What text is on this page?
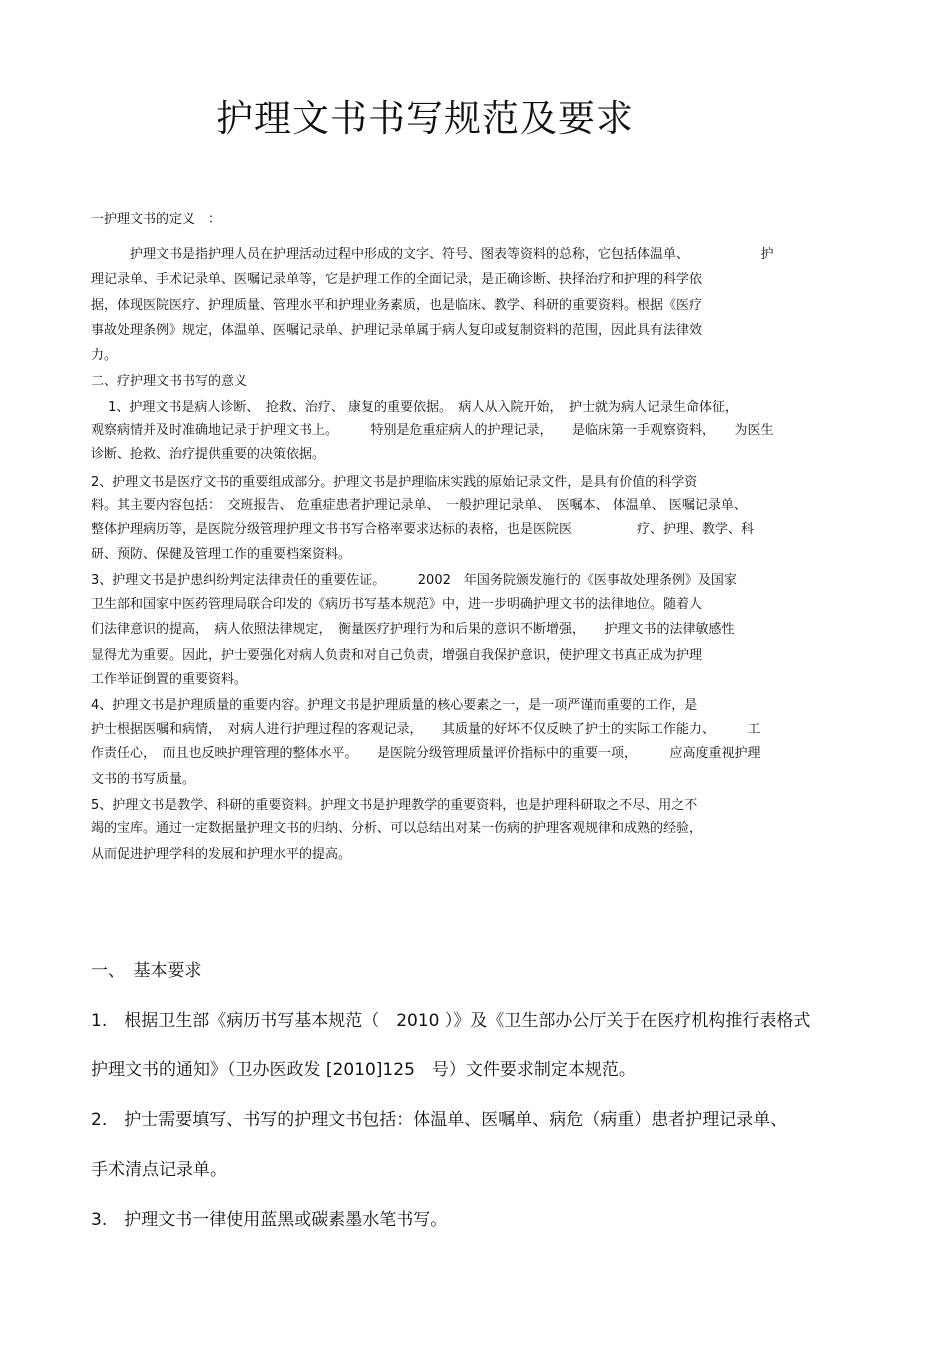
护理文书书写规范及要求
一护理文书的定义　：
　　　护理文书是指护理人员在护理活动过程中形成的文字、符号、图表等资料的总称，它包括体温单、　　　　　　护
理记录单、手术记录单、医嘱记录单等，它是护理工作的全面记录，是正确诊断、抉择治疗和护理的科学依
据，体现医院医疗、护理质量、管理水平和护理业务素质，也是临床、教学、科研的重要资料。根据《医疗
事故处理条例》规定，体温单、医嘱记录单、护理记录单属于病人复印或复制资料的范围，因此具有法律效
力。
二、疗护理文书书写的意义
　 1、护理文书是病人诊断、　抢救、治疗、 康复的重要依据。　病人从入院开始，　护士就为病人记录生命体征，
观察病情并及时准确地记录于护理文书上。　　　特别是危重症病人的护理记录，　　是临床第一手观察资料，　　为医生
诊断、抢救、治疗提供重要的决策依据。
2、护理文书是医疗文书的重要组成部分。护理文书是护理临床实践的原始记录文件，是具有价值的科学资
料。其主要内容包括：　交班报告、 危重症患者护理记录单、　一般护理记录单、　医嘱本、 体温单、 医嘱记录单、
整体护理病历等，是医院分级管理护理文书书写合格率要求达标的表格，也是医院医　　　　　疗、护理、教学、科
研、预防、保健及管理工作的重要档案资料。
3、护理文书是护患纠纷判定法律责任的重要佐证。　　　2002　年国务院颁发施行的《医事故处理条例》及国家
卫生部和国家中医药管理局联合印发的《病历书写基本规范》中，进一步明确护理文书的法律地位。随着人
们法律意识的提高，　病人依照法律规定，　衡量医疗护理行为和后果的意识不断增强，　　护理文书的法律敏感性
显得尤为重要。因此，护士要强化对病人负责和对自己负责，增强自我保护意识，使护理文书真正成为护理
工作举证倒置的重要资料。
4、护理文书是护理质量的重要内容。护理文书是护理质量的核心要素之一，是一项严谨而重要的工作，是
护士根据医嘱和病情，　对病人进行护理过程的客观记录，　　其质量的好坏不仅反映了护士的实际工作能力、　　　工
作责任心，　而且也反映护理管理的整体水平。　　是医院分级管理质量评价指标中的重要一项，　　　应高度重视护理
文书的书写质量。
5、护理文书是教学、科研的重要资料。护理文书是护理教学的重要资料，也是护理科研取之不尽、用之不
竭的宝库。通过一定数据量护理文书的归纳、分析、可以总结出对某一伤病的护理客观规律和成熟的经验，
从而促进护理学科的发展和护理水平的提高。
一、　基本要求
1.　根据卫生部《病历书写基本规范（　2010 ）》及《卫生部办公厅关于在医疗机构推行表格式
护理文书的通知》（卫办医政发 [2010]125　号）文件要求制定本规范。
2.　护士需要填写、书写的护理文书包括：体温单、医嘱单、病危（病重）患者护理记录单、
手术清点记录单。
3.　护理文书一律使用蓝黑或碳素墨水笔书写。
